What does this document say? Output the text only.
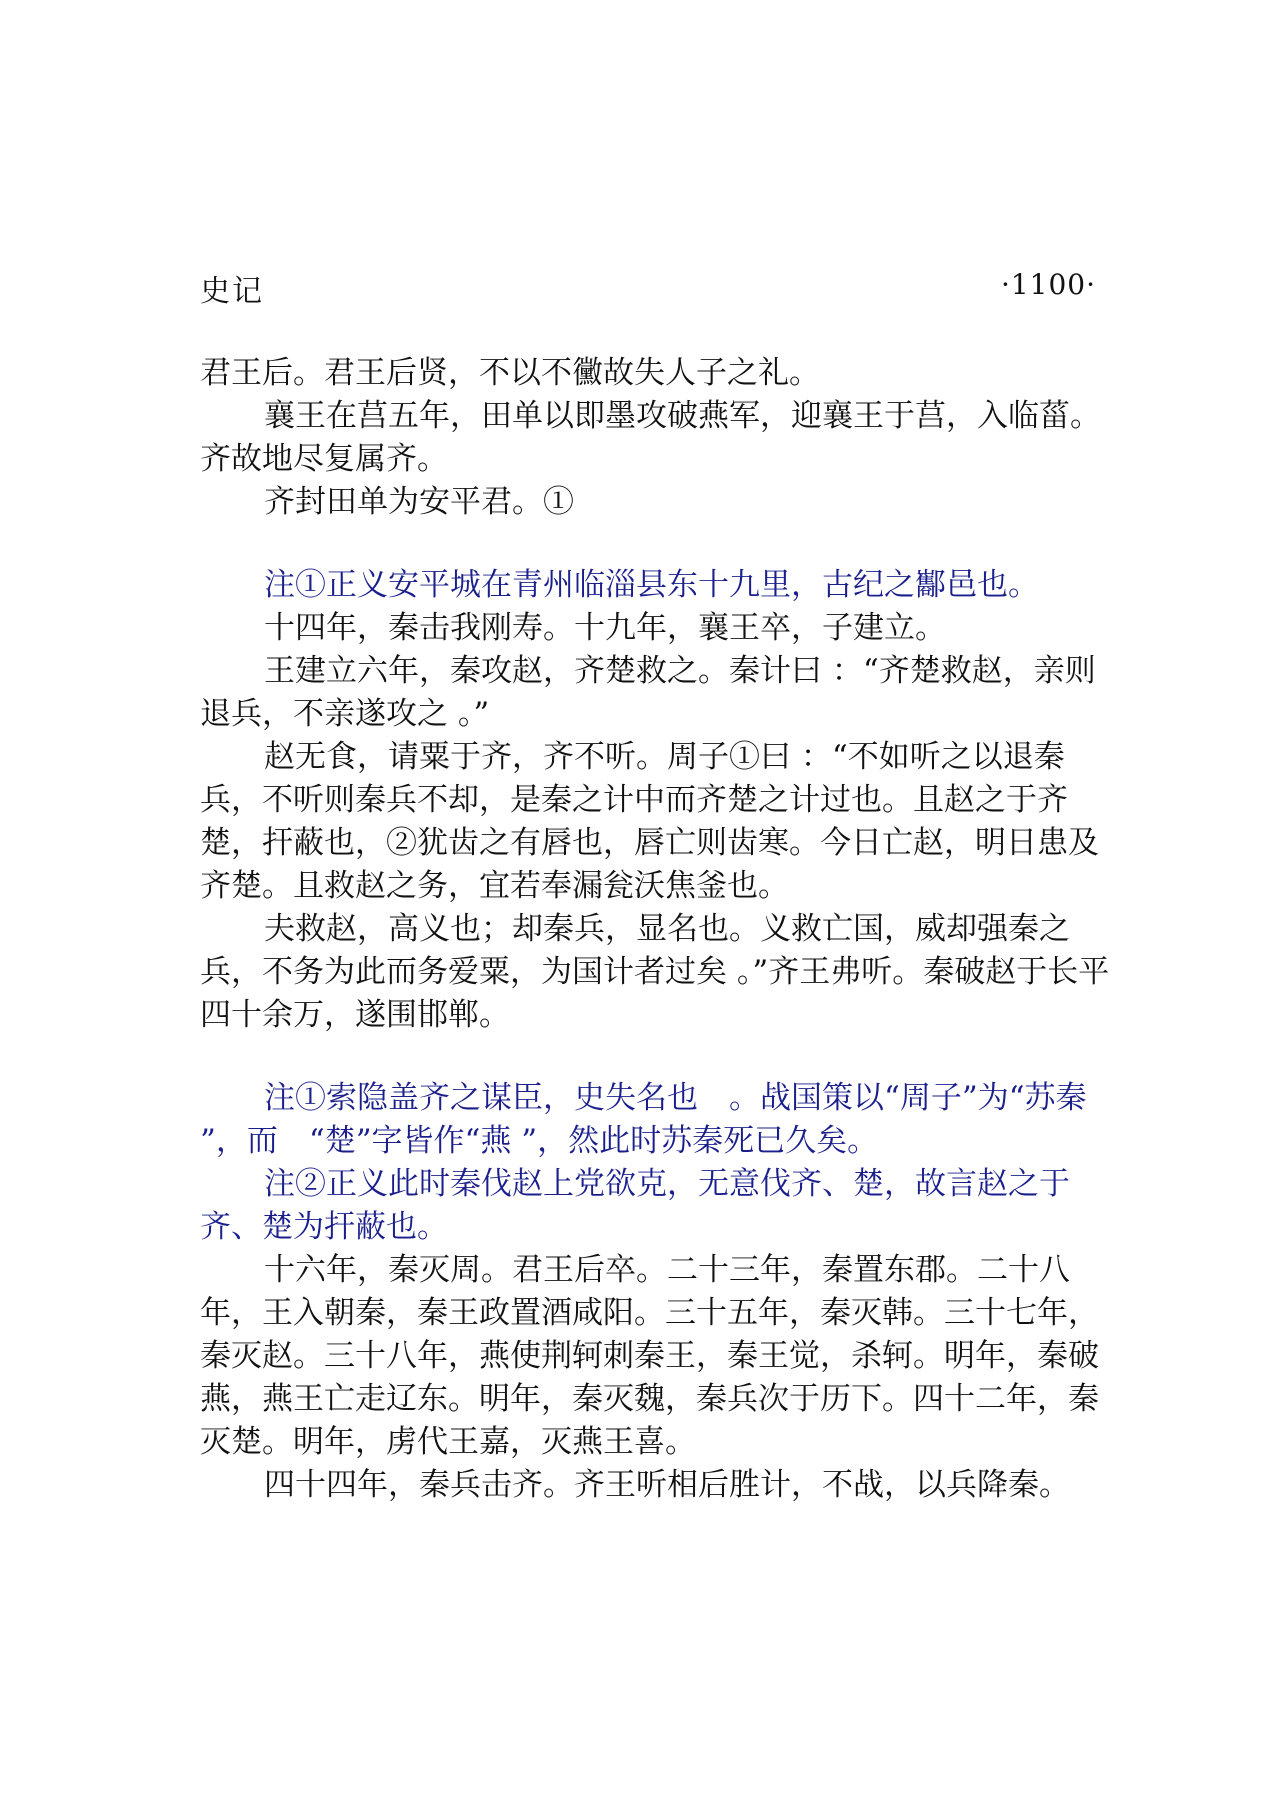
史记	·1100·

君王后。君王后贤，不以不黴故失人子之礼。

襄王在莒五年，田单以即墨攻破燕军，迎襄王于莒，入临菑。齐故地尽复属齐。

齐封田单为安平君。①

注①正义安平城在青州临淄县东十九里，古纪之酅邑也。

十四年，秦击我刚寿。十九年，襄王卒，子建立。

王建立六年，秦攻赵，齐楚救之。秦计曰 ：“齐楚救赵，亲则退兵，不亲遂攻之 。”

赵无食，请粟于齐，齐不听。周子①曰 ：“不如听之以退秦兵，不听则秦兵不却，是秦之计中而齐楚之计过也。且赵之于齐楚，扞蔽也，②犹齿之有唇也，唇亡则齿寒。今日亡赵，明日患及齐楚。且救赵之务，宜若奉漏瓮沃焦釜也。

夫救赵，高义也；却秦兵，显名也。义救亡国，威却强秦之兵，不务为此而务爱粟，为国计者过矣 。”齐王弗听。秦破赵于长平四十余万，遂围邯郸。

注①索隐盖齐之谋臣，史失名也　。战国策以“周子”为“苏秦 ”，而　“楚”字皆作“燕 ”，然此时苏秦死已久矣。

注②正义此时秦伐赵上党欲克，无意伐齐、楚，故言赵之于齐、楚为扞蔽也。

十六年，秦灭周。君王后卒。二十三年，秦置东郡。二十八年，王入朝秦，秦王政置酒咸阳。三十五年，秦灭韩。三十七年，秦灭赵。三十八年，燕使荆轲刺秦王，秦王觉，杀轲。明年，秦破燕，燕王亡走辽东。明年，秦灭魏，秦兵次于历下。四十二年，秦灭楚。明年，虏代王嘉，灭燕王喜。

四十四年，秦兵击齐。齐王听相后胜计，不战，以兵降秦。
